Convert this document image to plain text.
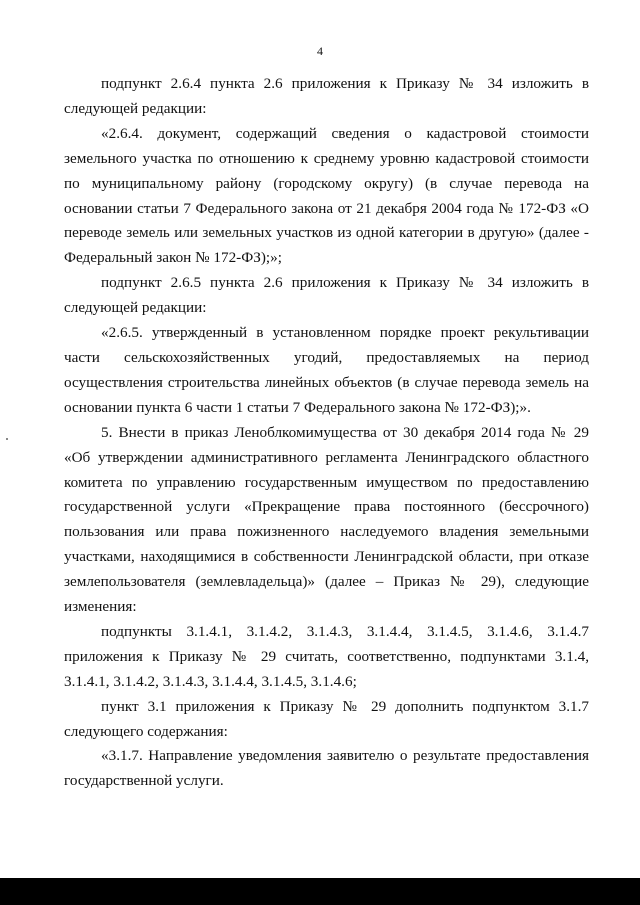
4

подпункт 2.6.4 пункта 2.6 приложения к Приказу № 34 изложить в следующей редакции:

«2.6.4. документ, содержащий сведения о кадастровой стоимости земельного участка по отношению к среднему уровню кадастровой стоимости по муниципальному району (городскому округу) (в случае перевода на основании статьи 7 Федерального закона от 21 декабря 2004 года № 172-ФЗ «О переводе земель или земельных участков из одной категории в другую» (далее - Федеральный закон № 172-ФЗ);»;

подпункт 2.6.5 пункта 2.6 приложения к Приказу № 34 изложить в следующей редакции:

«2.6.5. утвержденный в установленном порядке проект рекультивации части сельскохозяйственных угодий, предоставляемых на период осуществления строительства линейных объектов (в случае перевода земель на основании пункта 6 части 1 статьи 7 Федерального закона № 172-ФЗ);».

5. Внести в приказ Леноблкомимущества от 30 декабря 2014 года № 29 «Об утверждении административного регламента Ленинградского областного комитета по управлению государственным имуществом по предоставлению государственной услуги «Прекращение права постоянного (бессрочного) пользования или права пожизненного наследуемого владения земельными участками, находящимися в собственности Ленинградской области, при отказе землепользователя (землевладельца)» (далее – Приказ № 29), следующие изменения:

подпункты 3.1.4.1, 3.1.4.2, 3.1.4.3, 3.1.4.4, 3.1.4.5, 3.1.4.6, 3.1.4.7 приложения к Приказу № 29 считать, соответственно, подпунктами 3.1.4, 3.1.4.1, 3.1.4.2, 3.1.4.3, 3.1.4.4, 3.1.4.5, 3.1.4.6;

пункт 3.1 приложения к Приказу № 29 дополнить подпунктом 3.1.7 следующего содержания:

«3.1.7. Направление уведомления заявителю о результате предоставления государственной услуги.
